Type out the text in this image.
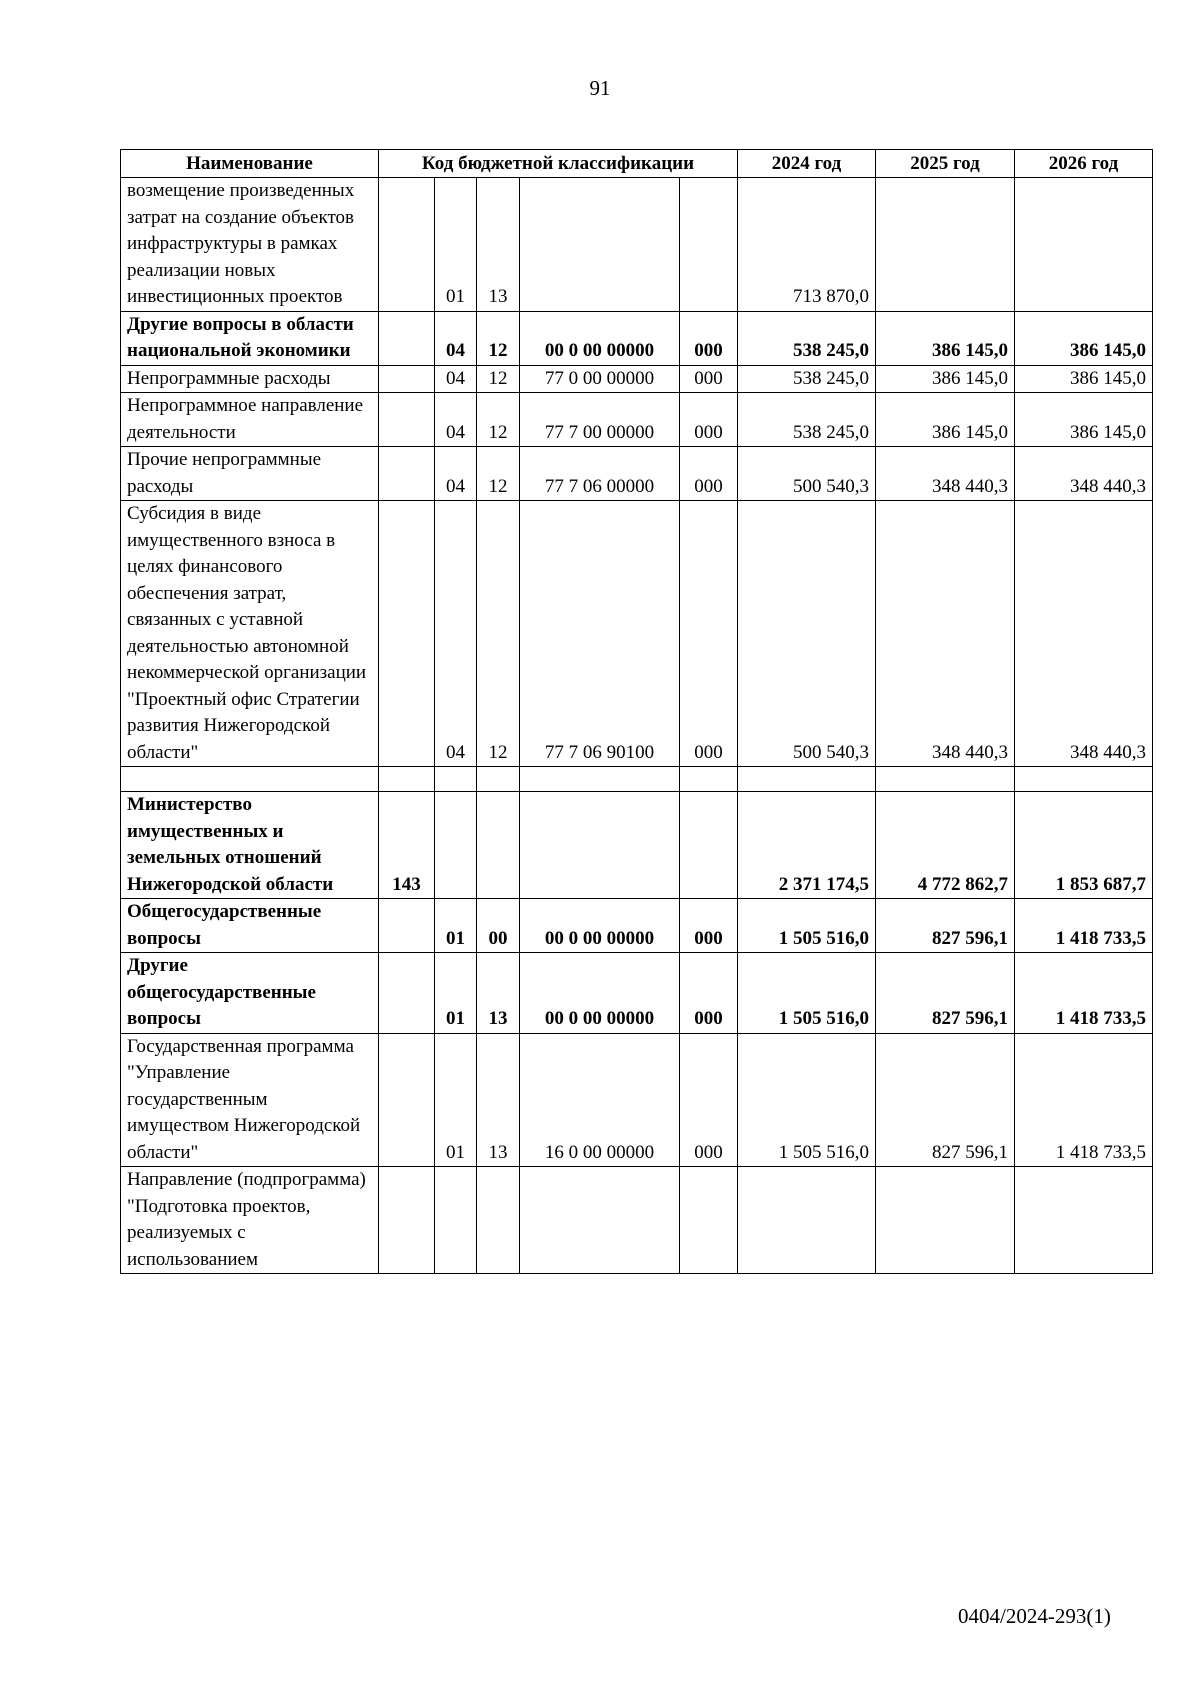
91
Наименование	Код бюджетной классификации					2024 год	2025 год	2026 год
возмещение произведенных затрат на создание объектов инфраструктуры в рамках реализации новых инвестиционных проектов		01	13			713 870,0		
Другие вопросы в области национальной экономики		04	12	00 0 00 00000	000	538 245,0	386 145,0	386 145,0
Непрограммные расходы		04	12	77 0 00 00000	000	538 245,0	386 145,0	386 145,0
Непрограммное направление деятельности		04	12	77 7 00 00000	000	538 245,0	386 145,0	386 145,0
Прочие непрограммные расходы		04	12	77 7 06 00000	000	500 540,3	348 440,3	348 440,3
Субсидия в виде имущественного взноса в целях финансового обеспечения затрат, связанных с уставной деятельностью автономной некоммерческой организации "Проектный офис Стратегии развития Нижегородской области"		04	12	77 7 06 90100	000	500 540,3	348 440,3	348 440,3

Министерство имущественных и земельных отношений Нижегородской области	143					2 371 174,5	4 772 862,7	1 853 687,7
Общегосударственные вопросы		01	00	00 0 00 00000	000	1 505 516,0	827 596,1	1 418 733,5
Другие общегосударственные вопросы		01	13	00 0 00 00000	000	1 505 516,0	827 596,1	1 418 733,5
Государственная программа "Управление государственным имуществом Нижегородской области"		01	13	16 0 00 00000	000	1 505 516,0	827 596,1	1 418 733,5
Направление (подпрограмма) "Подготовка проектов, реализуемых с использованием								
0404/2024-293(1)
